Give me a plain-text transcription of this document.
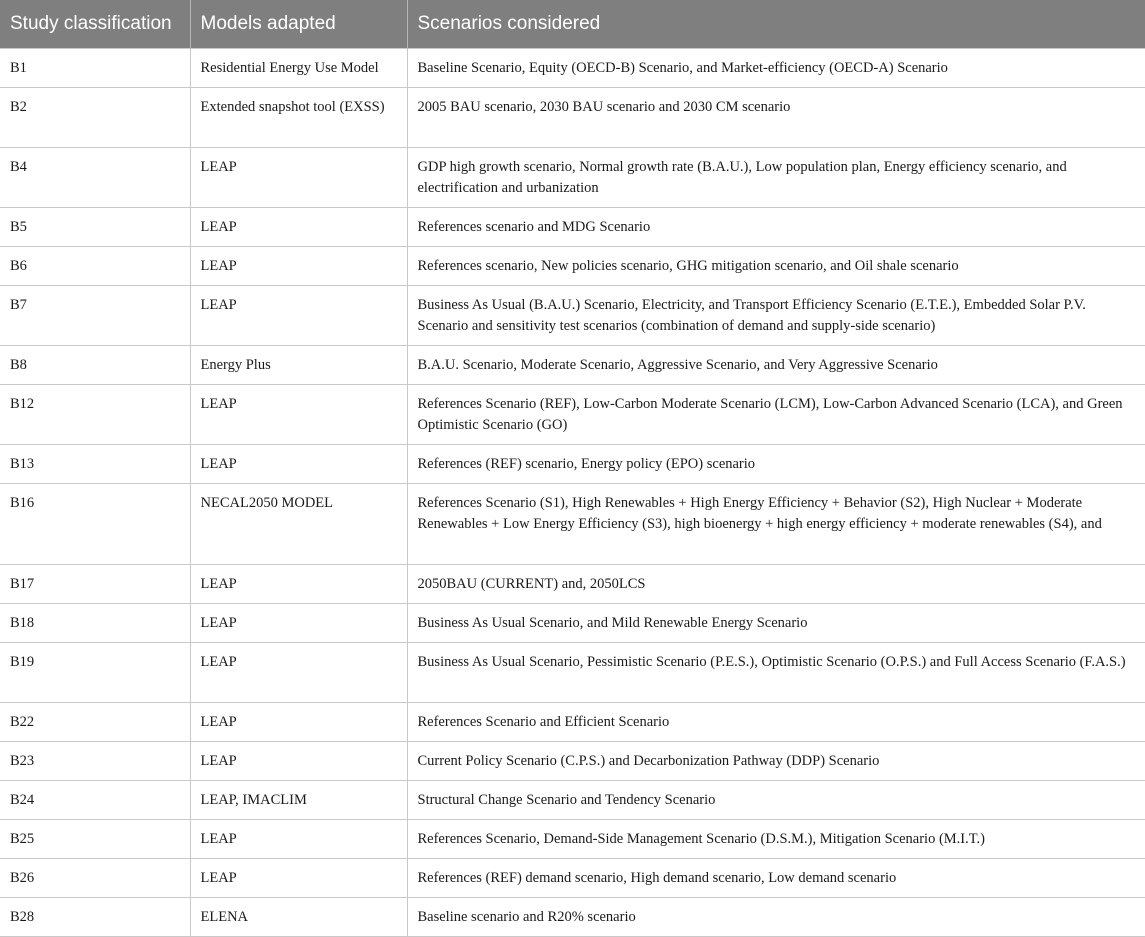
Study classification	Models adapted	Scenarios considered
B1	Residential Energy Use Model	Baseline Scenario, Equity (OECD-B) Scenario, and Market-efficiency (OECD-A) Scenario
B2	Extended snapshot tool (EXSS)	2005 BAU scenario, 2030 BAU scenario and 2030 CM scenario
B4	LEAP	GDP high growth scenario, Normal growth rate (B.A.U.), Low population plan, Energy efficiency scenario, and electrification and urbanization
B5	LEAP	References scenario and MDG Scenario
B6	LEAP	References scenario, New policies scenario, GHG mitigation scenario, and Oil shale scenario
B7	LEAP	Business As Usual (B.A.U.) Scenario, Electricity, and Transport Efficiency Scenario (E.T.E.), Embedded Solar P.V. Scenario and sensitivity test scenarios (combination of demand and supply-side scenario)
B8	Energy Plus	B.A.U. Scenario, Moderate Scenario, Aggressive Scenario, and Very Aggressive Scenario
B12	LEAP	References Scenario (REF), Low-Carbon Moderate Scenario (LCM), Low-Carbon Advanced Scenario (LCA), and Green Optimistic Scenario (GO)
B13	LEAP	References (REF) scenario, Energy policy (EPO) scenario
B16	NECAL2050 MODEL	References Scenario (S1), High Renewables + High Energy Efficiency + Behavior (S2), High Nuclear + Moderate Renewables + Low Energy Efficiency (S3), high bioenergy + high energy efficiency + moderate renewables (S4), and
B17	LEAP	2050BAU (CURRENT) and, 2050LCS
B18	LEAP	Business As Usual Scenario, and Mild Renewable Energy Scenario
B19	LEAP	Business As Usual Scenario, Pessimistic Scenario (P.E.S.), Optimistic Scenario (O.P.S.) and Full Access Scenario (F.A.S.)
B22	LEAP	References Scenario and Efficient Scenario
B23	LEAP	Current Policy Scenario (C.P.S.) and Decarbonization Pathway (DDP) Scenario
B24	LEAP, IMACLIM	Structural Change Scenario and Tendency Scenario
B25	LEAP	References Scenario, Demand-Side Management Scenario (D.S.M.), Mitigation Scenario (M.I.T.)
B26	LEAP	References (REF) demand scenario, High demand scenario, Low demand scenario
B28	ELENA	Baseline scenario and R20% scenario
